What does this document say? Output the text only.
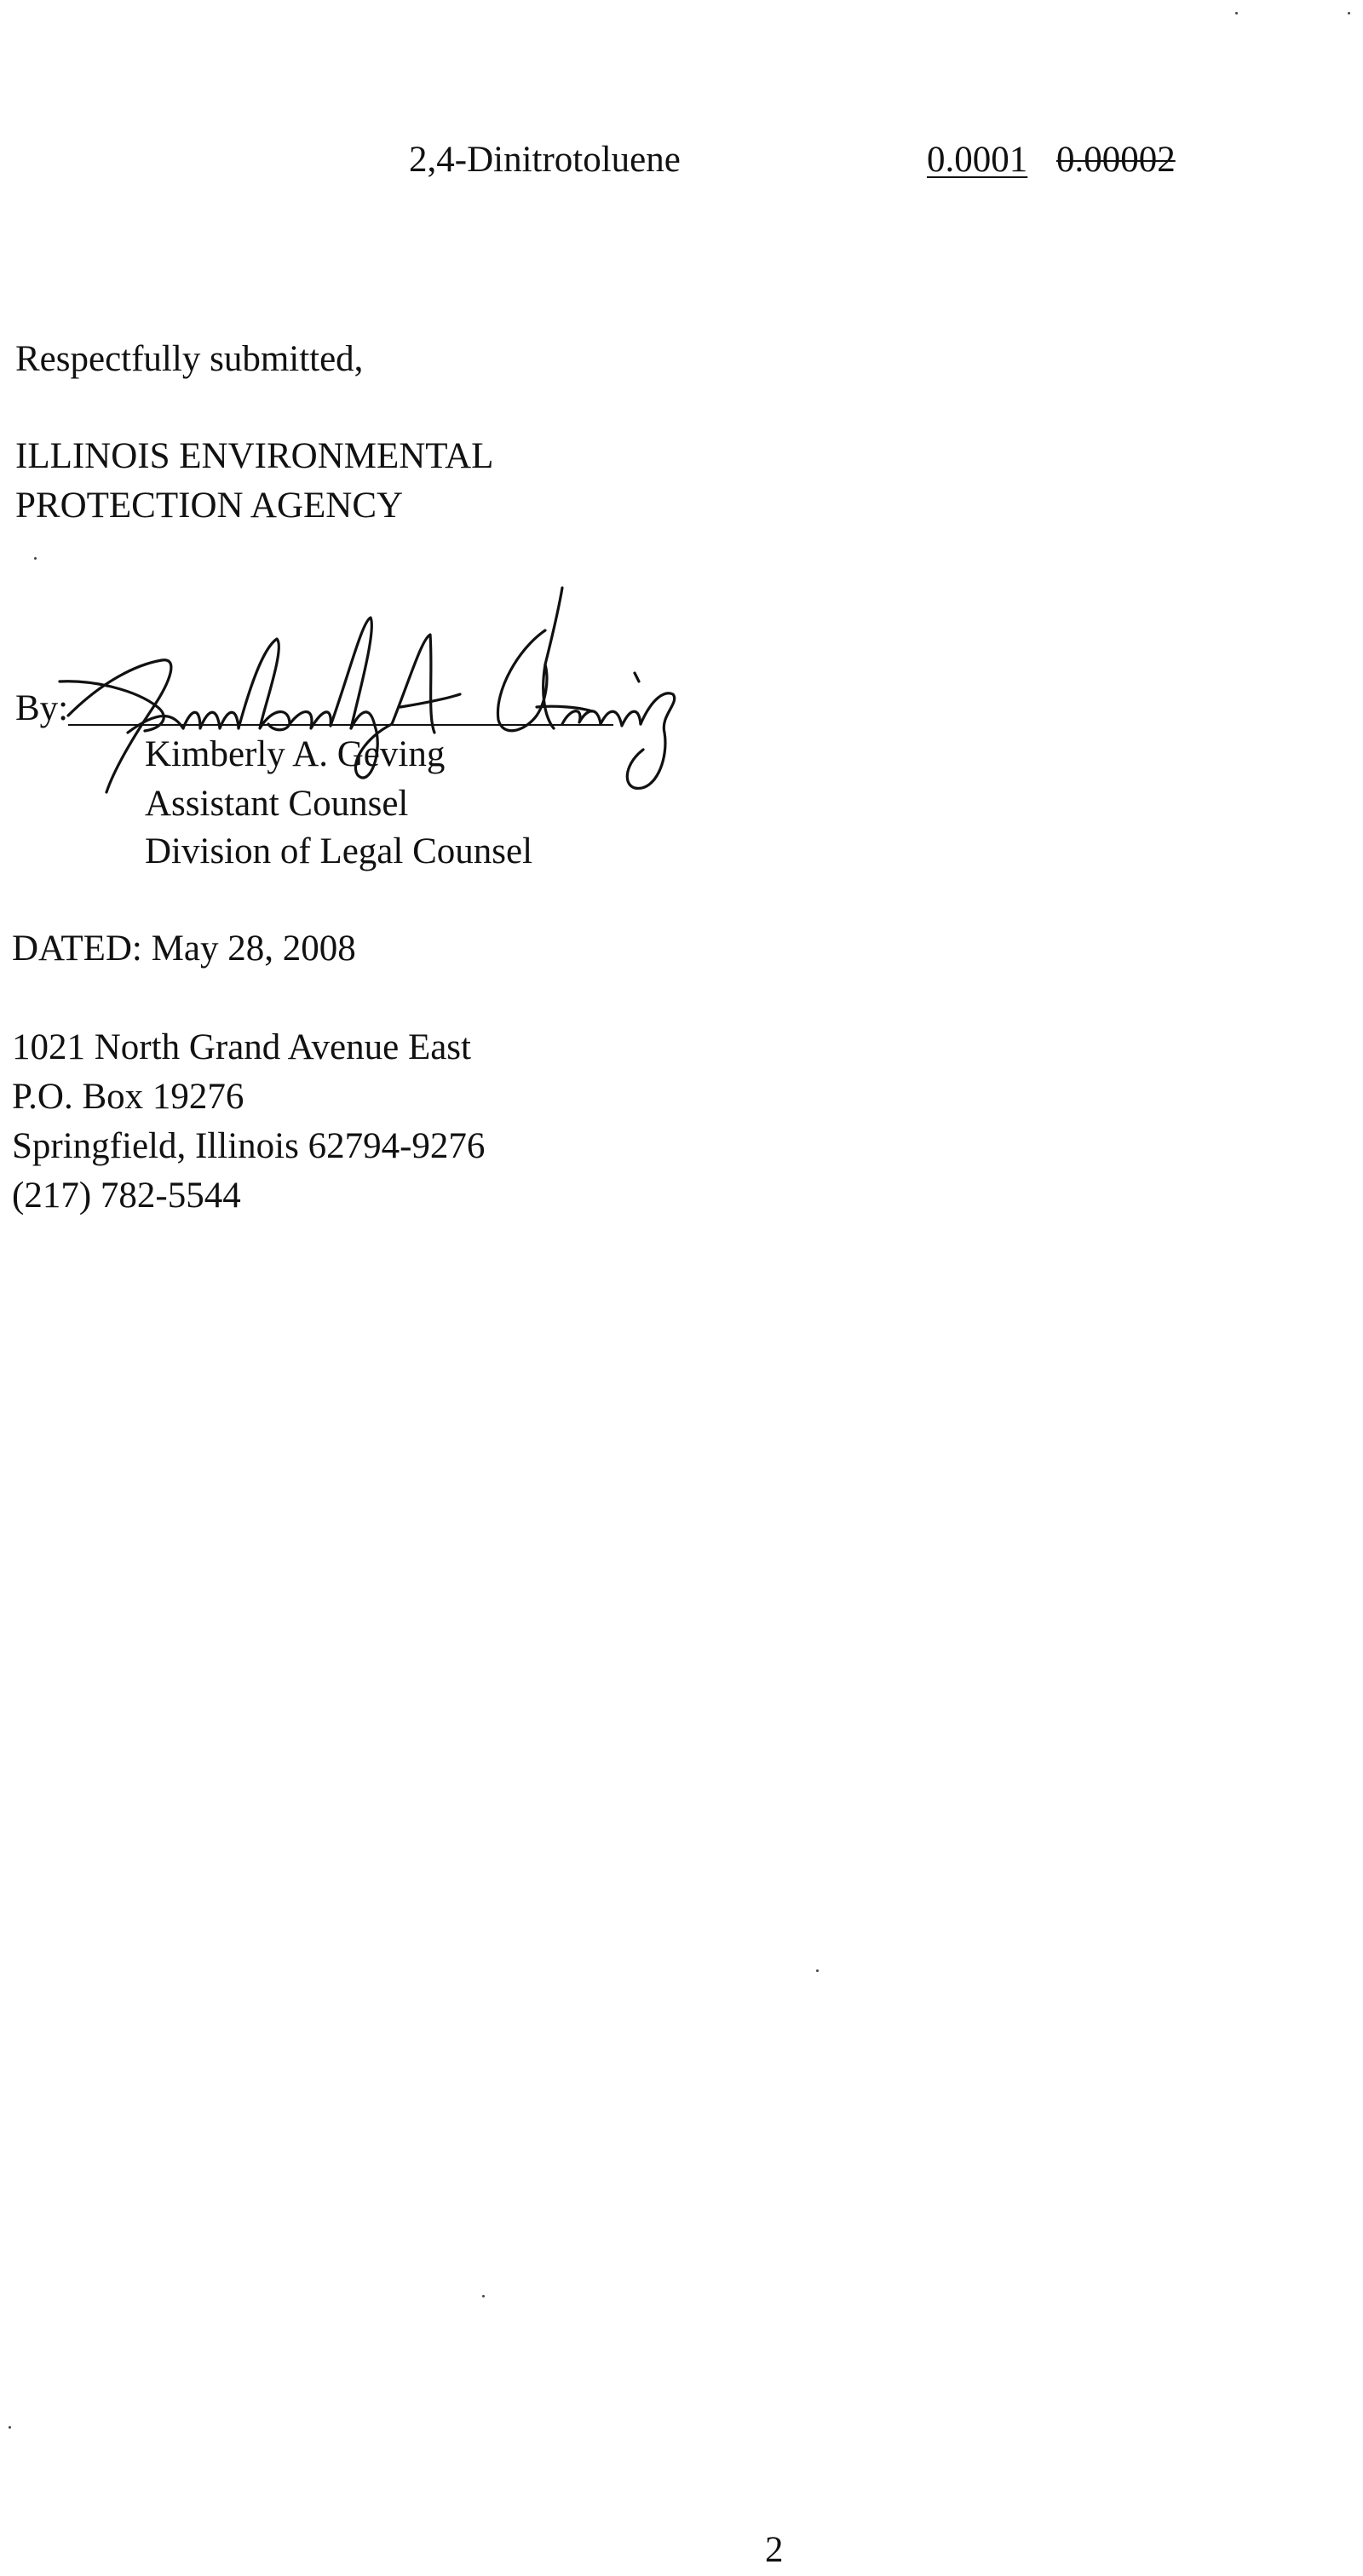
2,4-Dinitrotoluene	0.0001 0.00002
Respectfully submitted,
ILLINOIS ENVIRONMENTAL
PROTECTION AGENCY
By:
Kimberly A. Geving
Assistant Counsel
Division of Legal Counsel
DATED: May 28, 2008
1021 North Grand Avenue East
P.O. Box 19276
Springfield, Illinois 62794-9276
(217) 782-5544
2
